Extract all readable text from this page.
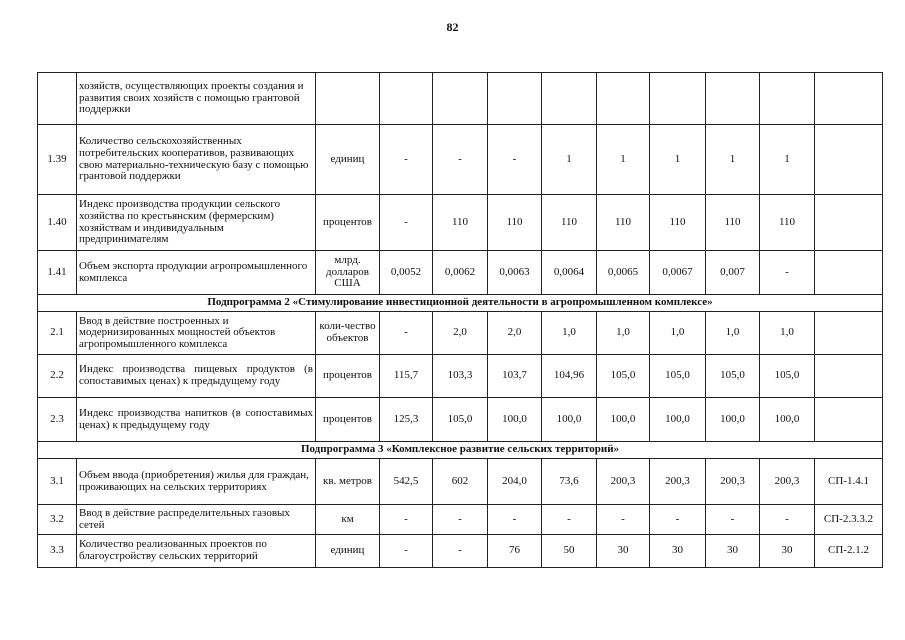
82
	хозяйств, осуществляющих проекты создания и развития своих хозяйств с помощью грантовой поддержки										
1.39	Количество сельскохозяйственных потребительских кооперативов, развивающих свою материально-техническую базу с помощью грантовой поддержки	единиц	-	-	-	1	1	1	1	1	
1.40	Индекс производства продукции сельского хозяйства по крестьянским (фермерским) хозяйствам и индивидуальным предпринимателям	процентов	-	110	110	110	110	110	110	110	
1.41	Объем экспорта продукции агропромышленного комплекса	млрд. долларов США	0,0052	0,0062	0,0063	0,0064	0,0065	0,0067	0,007	-	
Подпрограмма 2 «Стимулирование инвестиционной деятельности в агропромышленном комплексе»											
2.1	Ввод в действие построенных и модернизированных мощностей объектов агропромышленного комплекса	коли-чество объектов	-	2,0	2,0	1,0	1,0	1,0	1,0	1,0	
2.2	Индекс производства пищевых продуктов (в сопоставимых ценах) к предыдущему году	процентов	115,7	103,3	103,7	104,96	105,0	105,0	105,0	105,0	
2.3	Индекс производства напитков (в сопоставимых ценах) к предыдущему году	процентов	125,3	105,0	100,0	100,0	100,0	100,0	100,0	100,0	
Подпрограмма 3 «Комплексное развитие сельских территорий»											
3.1	Объем ввода (приобретения) жилья для граждан, проживающих на сельских территориях	кв. метров	542,5	602	204,0	73,6	200,3	200,3	200,3	200,3	СП-1.4.1
3.2	Ввод в действие распределительных газовых сетей	км	-	-	-	-	-	-	-	-	СП-2.3.3.2
3.3	Количество реализованных проектов по благоустройству сельских территорий	единиц	-	-	76	50	30	30	30	30	СП-2.1.2
